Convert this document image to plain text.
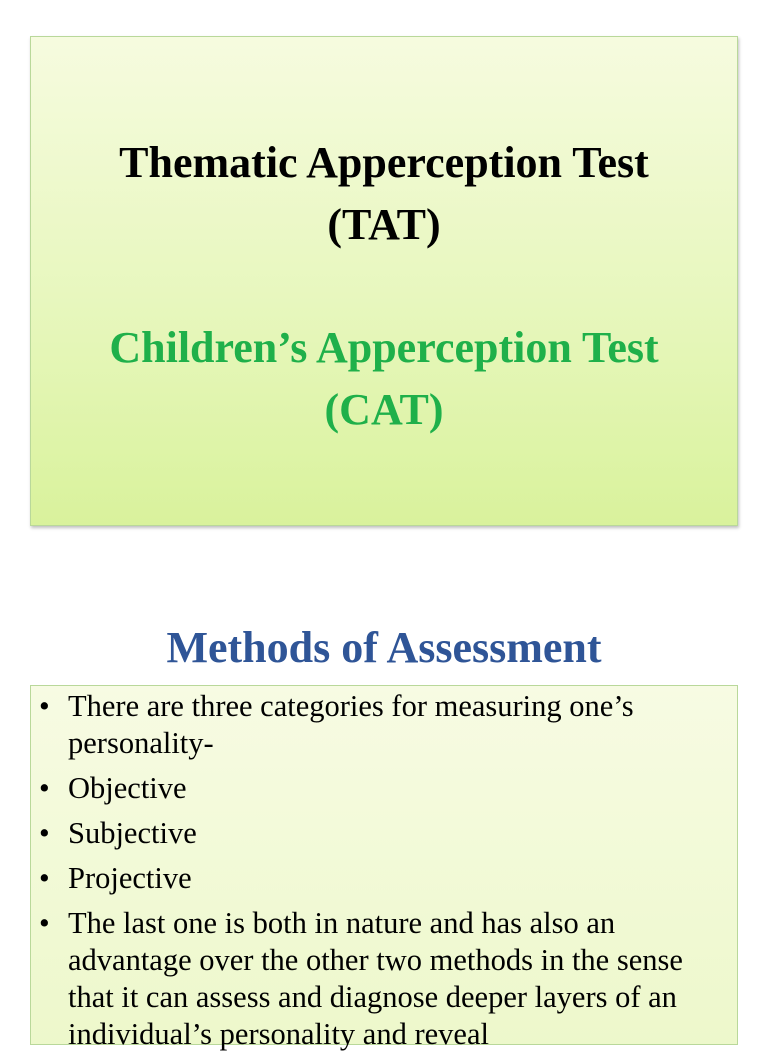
Thematic Apperception Test
(TAT)
Children’s Apperception Test
(CAT)
Methods of Assessment
• There are three categories for measuring one’s personality-
• Objective
• Subjective
• Projective
• The last one is both in nature and has also an advantage over the other two methods in the sense that it can assess and diagnose deeper layers of an individual’s personality and reveal
